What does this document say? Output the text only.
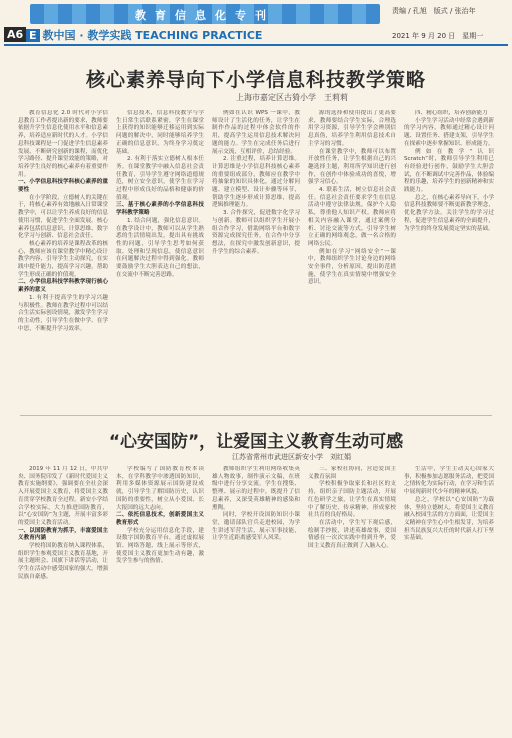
教育信息化专刊
A6 E 教中国 · 教学实践 TEACHING PRACTICE
责编 / 孔旭　版式 / 张治年
2021 年 9 月 20 日　星期一
核心素养导向下小学信息科技教学策略
上海市嘉定区古猗小学　王莉莉

教育信息化 2.0 时代对小学信息教育工作者提出新的要求，教师要依据升学生信息化使用水平和信息素养，培养适应新时代的人才。小学信息科技课程是一门促进学生信息素养发展、不断研究创新的课程，而优化学习路径、提升课堂效能的策略，对培养学生良好的核心素养有着重要作用。

一、小学信息科技学科核心素养的重要性

在小学阶段，立德树人的关键在于，将核心素养有效地融入日常课堂教学中，可以让学生养成良好的信息使用习惯，促进学生全面发展。核心素养包括信息意识、计算思维、数字化学习与创新、信息社会责任。

核心素养的培养是课程改革的核心，教师应该在课堂教学中精心设计教学内容，引导学生主动探究，在实践中提升能力，提高学习兴趣，帮助学生形成正确的价值观。

二、小学信息科技学科教学现行核心素养的意义

1. 有利于提高学生的学习兴趣与积极性。教师在教学过程中可以结合生活实际创设情境，激发学生学习的主动性，引导学生在做中学、在学中思，不断提升学习效率。

信息技术，信息科技教学与学生日常生活联系紧密，学生在课堂上获得的知识能够迁移运用到实际问题的解决中，同时能够培养学生正确的信息意识，为终身学习奠定基础。

2. 有利于落实立德树人根本任务。在课堂教学中融入信息社会责任教育，引导学生遵守网络道德规范，树立安全意识，使学生在学习过程中形成良好的品格和健康的价值观。

三、基于核心素养的小学信息科技学科教学策略

1. 结合问题，强化信息意识。在教学设计中，教师可以从学生熟悉的生活情境出发，提出具有挑战性的问题，引导学生思考如何获取、处理和呈现信息，使信息意识在问题解决过程中得到强化。教师要鼓励学生大胆表达自己的想法，在交流中不断完善思路。

例如在认识 WPS 一课中，教师设计了生活化的任务，让学生在制作作品的过程中体会软件的作用，提高学生运用信息技术解决问题的能力。学生在完成任务后进行展示交流，互相评价，总结经验。

2. 注重过程，培养计算思维。计算思维是小学信息科技核心素养的重要组成部分，教师应在教学中将抽象的知识具体化，通过分解问题、建立模型、设计步骤等环节，帮助学生逐步形成计算思维，提高逻辑推理能力。

3. 合作探究，促进数字化学习与创新。教师可以组织学生开展小组合作学习，借助网络平台和数字资源完成探究任务，在合作中分享想法，在探究中激发创新意识，提升学生的综合素养。

源的选择和使用提出了更高要求，教师要结合学生实际，合理选用学习资源，引导学生学会辨别信息真伪，培养学生利用信息技术自主学习的习惯。

在课堂教学中，教师可以布置开放性任务，让学生根据自己的兴趣选择主题，利用所学知识进行创作，在创作中体验成功的喜悦，增强学习信心。

4. 联系生活，树立信息社会责任。信息社会责任要求学生在信息活动中遵守法律法规，保护个人隐私，尊重他人知识产权。教师应将相关内容融入课堂，通过案例分析、讨论交流等方式，引导学生树立正确的网络观念，做一名合格的网络公民。

例如在学习“网络安全”一课中，教师组织学生讨论身边的网络安全事件，分析原因，提出防范措施，使学生在真实情境中增强安全意识。

四、精心组织，培养创新能力

小学生学习活动中经常会遇到新的学习内容，教师通过精心设计问题、设置任务、搭建支架，引导学生在探索中逐步掌握知识、形成能力。

例如在教学“认识 Scratch”时，教师引导学生利用已有经验进行创作，鼓励学生大胆尝试，在不断调试中完善作品，体验编程的乐趣，培养学生的创新精神和实践能力。

总之，在核心素养导向下，小学信息科技教师要不断更新教学理念，优化教学方法，关注学生的学习过程，促进学生信息素养的全面提升，为学生的终身发展奠定坚实的基础。

“心安国防”，让爱国主义教育生动可感
江苏省常州市武进区新安小学　刘红娟

2019 年 11 月 12 日，中共中央、国务院印发了《新时代爱国主义教育实施纲要》，强调要在全社会深入开展爱国主义教育，将爱国主义教育贯穿学校教育全过程。新安小学结合学校实际，大力推进国防教育，以“心安国防”为主题，开展丰富多彩的爱国主义教育活动。

一、以国防教育为抓手，丰富爱国主义教育内涵

学校将国防教育纳入课程体系，组织学生参观爱国主义教育基地，开展主题班会、国旗下讲话等活动，让学生在活动中感受国家的强大，增强民族自豪感。

学校编写了国防教育校本读本，在学科教学中渗透国防知识，利用多媒体资源展示国防建设成就，引导学生了解国防历史，认识国防的重要性，树立从小爱国、长大报国的远大志向。

二、依托信息技术，创新爱国主义教育形式

学校充分运用信息化手段，建设数字国防教育平台，通过虚拟展馆、网络答题、线上展示等形式，使爱国主义教育更加生动有趣，激发学生参与的热情。

教师组织学生利用网络收集英雄人物故事，制作演示文稿，在班级中进行分享交流。学生在搜集、整理、展示的过程中，既提升了信息素养，又深受英雄精神的感染和熏陶。

同时，学校开设国防知识小课堂，邀请部队官兵走进校园，为学生讲述军营生活，展示军事技能，让学生近距离感受军人风采。

三、家校社协同，营造爱国主义教育氛围

学校积极争取家长和社区的支持，组织亲子国防主题活动，开展红色研学之旅，让学生在真实情境中了解历史、传承精神，形成家校社共育的良好格局。

在活动中，学生写下观后感，绘制手抄报，讲述英雄故事，爱国情感在一次次实践中得到升华，爱国主义教育真正做到了入脑入心。

生活中，学生主动关心国家大事，积极参加志愿服务活动，把爱国之情转化为实际行动，在学习和生活中展现新时代少年的精神风貌。

总之，学校以“心安国防”为载体，坚持立德树人，将爱国主义教育融入校园生活的方方面面，让爱国主义精神在学生心中生根发芽，为培养担当民族复兴大任的时代新人打下坚实基础。
